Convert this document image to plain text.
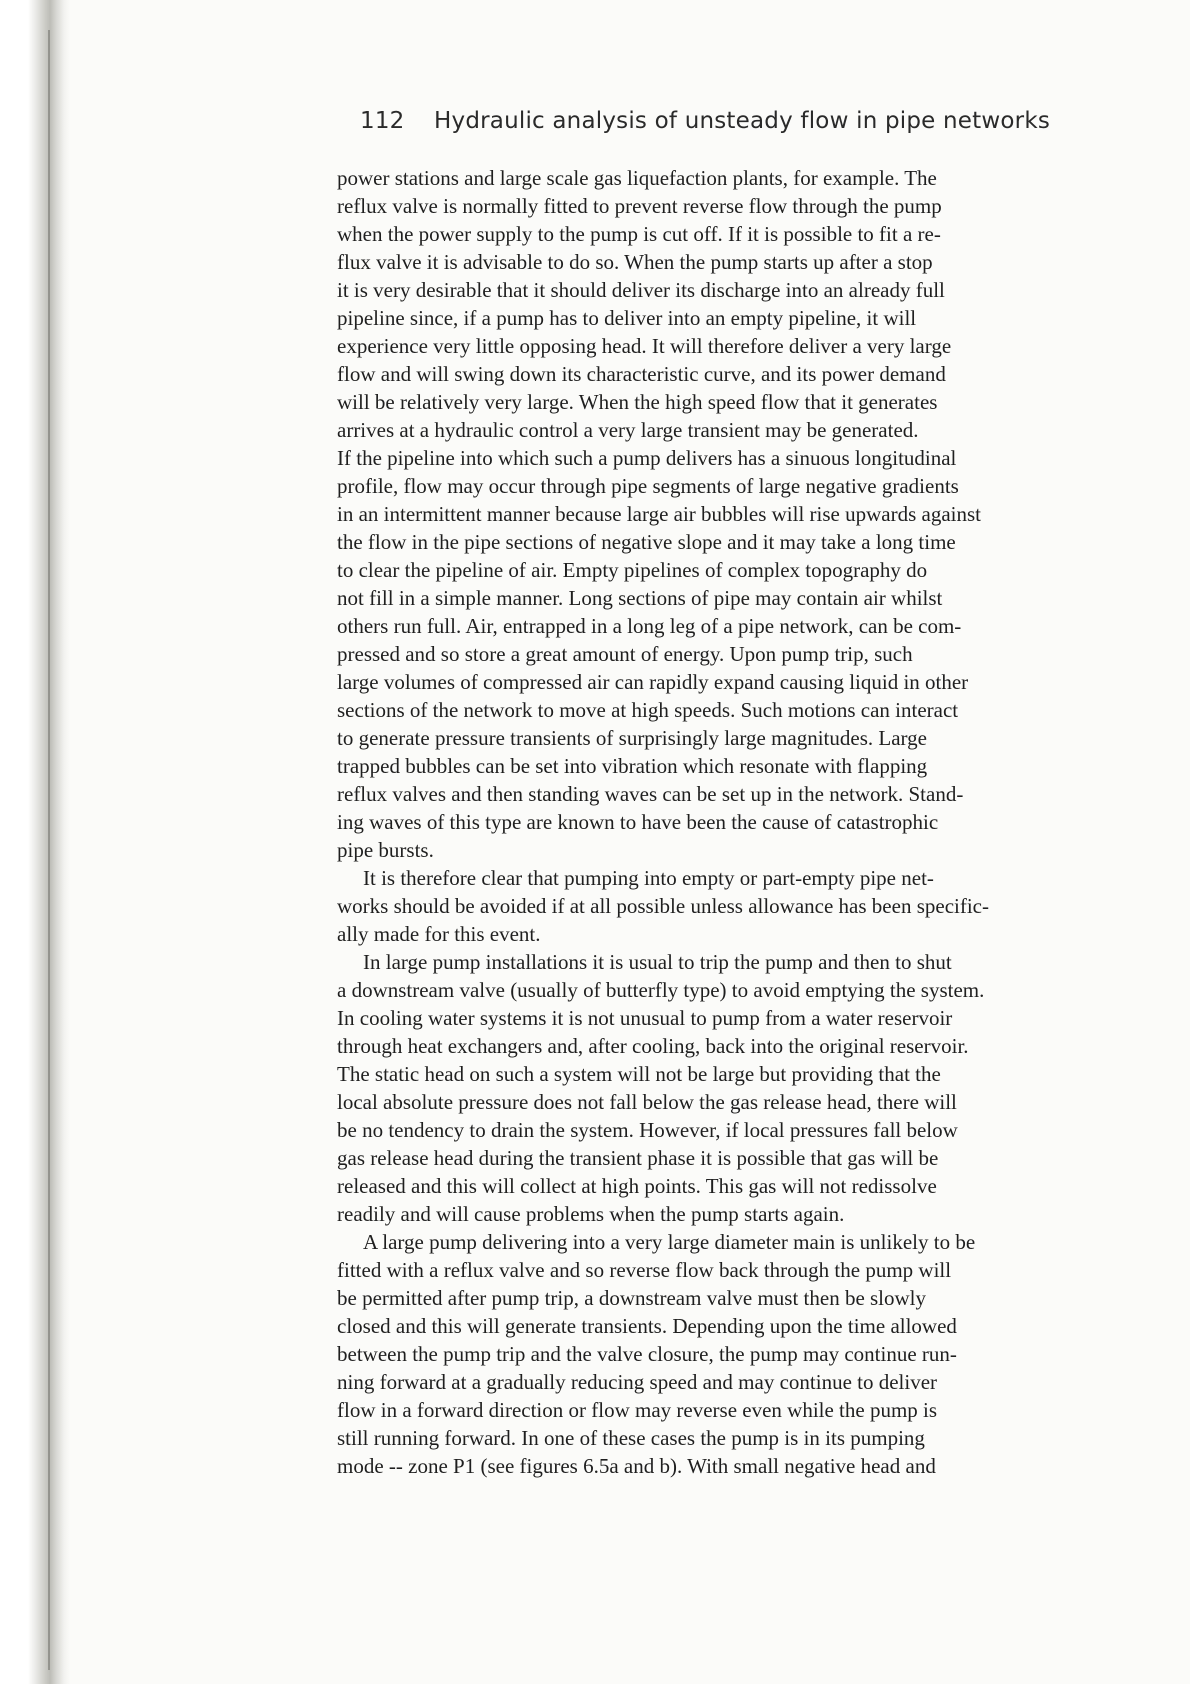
112 Hydraulic analysis of unsteady flow in pipe networks
power stations and large scale gas liquefaction plants, for example. The
reflux valve is normally fitted to prevent reverse flow through the pump
when the power supply to the pump is cut off. If it is possible to fit a re-
flux valve it is advisable to do so. When the pump starts up after a stop
it is very desirable that it should deliver its discharge into an already full
pipeline since, if a pump has to deliver into an empty pipeline, it will
experience very little opposing head. It will therefore deliver a very large
flow and will swing down its characteristic curve, and its power demand
will be relatively very large. When the high speed flow that it generates
arrives at a hydraulic control a very large transient may be generated.
If the pipeline into which such a pump delivers has a sinuous longitudinal
profile, flow may occur through pipe segments of large negative gradients
in an intermittent manner because large air bubbles will rise upwards against
the flow in the pipe sections of negative slope and it may take a long time
to clear the pipeline of air. Empty pipelines of complex topography do
not fill in a simple manner. Long sections of pipe may contain air whilst
others run full. Air, entrapped in a long leg of a pipe network, can be com-
pressed and so store a great amount of energy. Upon pump trip, such
large volumes of compressed air can rapidly expand causing liquid in other
sections of the network to move at high speeds. Such motions can interact
to generate pressure transients of surprisingly large magnitudes. Large
trapped bubbles can be set into vibration which resonate with flapping
reflux valves and then standing waves can be set up in the network. Stand-
ing waves of this type are known to have been the cause of catastrophic
pipe bursts.
It is therefore clear that pumping into empty or part-empty pipe net-
works should be avoided if at all possible unless allowance has been specific-
ally made for this event.
In large pump installations it is usual to trip the pump and then to shut
a downstream valve (usually of butterfly type) to avoid emptying the system.
In cooling water systems it is not unusual to pump from a water reservoir
through heat exchangers and, after cooling, back into the original reservoir.
The static head on such a system will not be large but providing that the
local absolute pressure does not fall below the gas release head, there will
be no tendency to drain the system. However, if local pressures fall below
gas release head during the transient phase it is possible that gas will be
released and this will collect at high points. This gas will not redissolve
readily and will cause problems when the pump starts again.
A large pump delivering into a very large diameter main is unlikely to be
fitted with a reflux valve and so reverse flow back through the pump will
be permitted after pump trip, a downstream valve must then be slowly
closed and this will generate transients. Depending upon the time allowed
between the pump trip and the valve closure, the pump may continue run-
ning forward at a gradually reducing speed and may continue to deliver
flow in a forward direction or flow may reverse even while the pump is
still running forward. In one of these cases the pump is in its pumping
mode -- zone P1 (see figures 6.5a and b). With small negative head and
